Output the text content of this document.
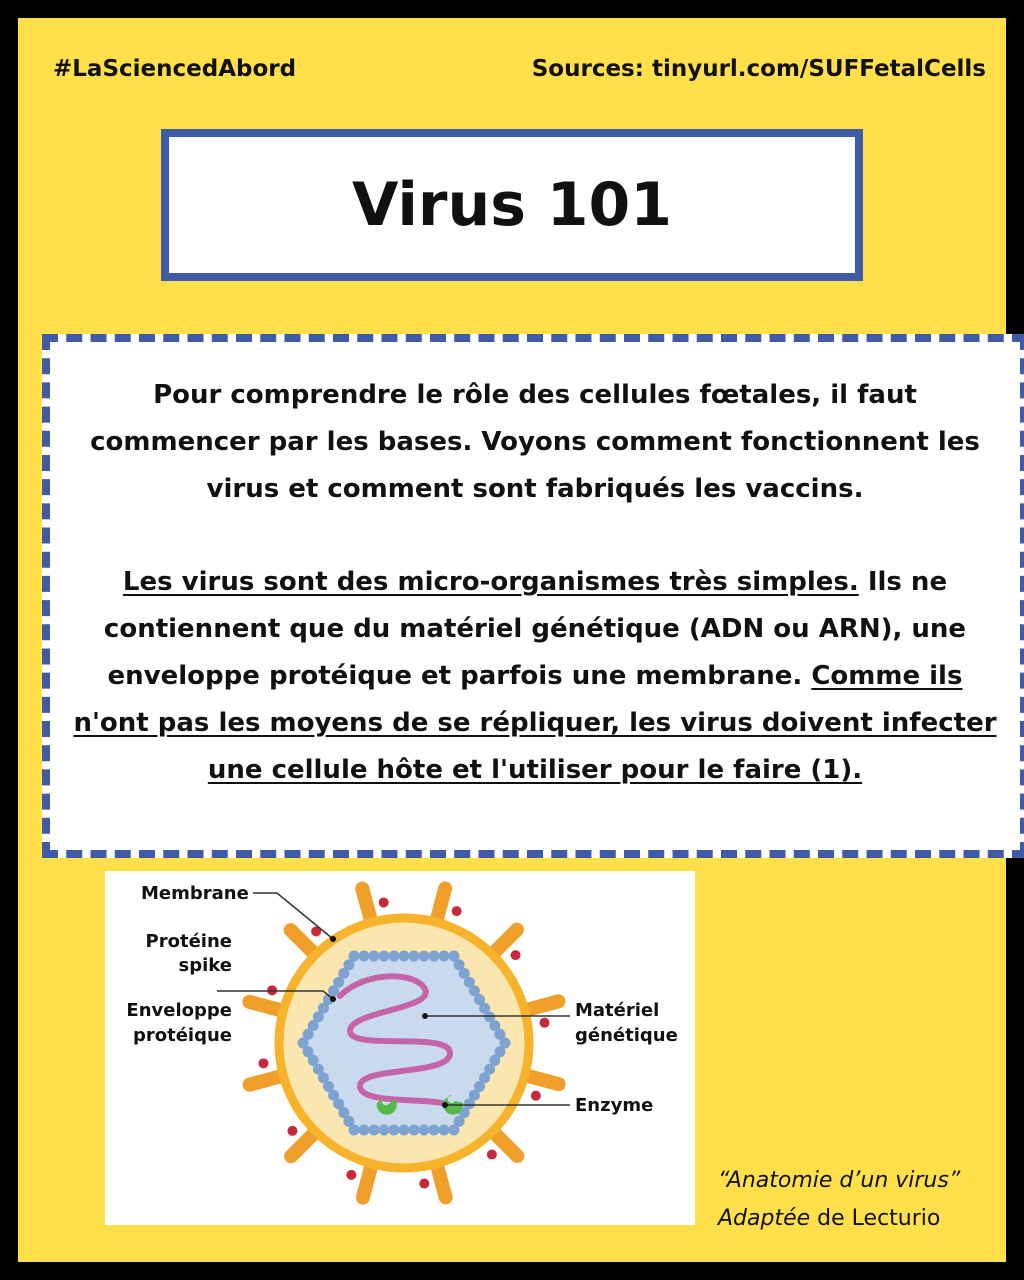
#LaSciencedAbord	Sources: tinyurl.com/SUFFetalCells
Virus 101

Pour comprendre le rôle des cellules fœtales, il faut commencer par les bases. Voyons comment fonctionnent les virus et comment sont fabriqués les vaccins.

Les virus sont des micro-organismes très simples. Ils ne contiennent que du matériel génétique (ADN ou ARN), une enveloppe protéique et parfois une membrane. Comme ils n'ont pas les moyens de se répliquer, les virus doivent infecter une cellule hôte et l'utiliser pour le faire (1).

Membrane
Protéine
spike
Enveloppe
protéique
Matériel
génétique
Enzyme
“Anatomie d’un virus”
Adaptée de Lecturio
